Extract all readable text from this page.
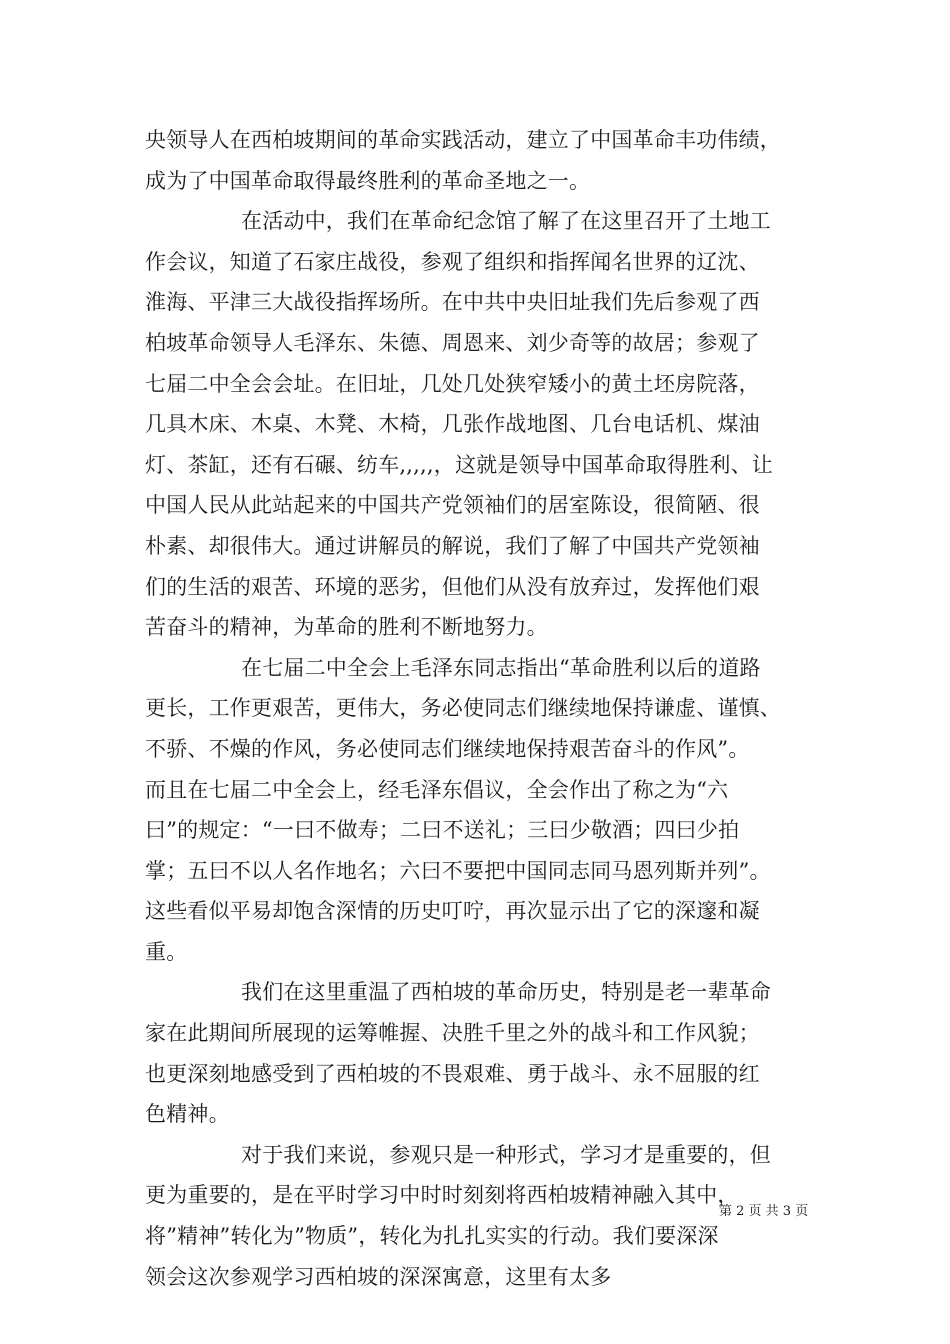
央领导人在西柏坡期间的革命实践活动，建立了中国革命丰功伟绩，
成为了中国革命取得最终胜利的革命圣地之一。
在活动中，我们在革命纪念馆了解了在这里召开了土地工
作会议，知道了石家庄战役，参观了组织和指挥闻名世界的辽沈、
淮海、平津三大战役指挥场所。在中共中央旧址我们先后参观了西
柏坡革命领导人毛泽东、朱德、周恩来、刘少奇等的故居；参观了
七届二中全会会址。在旧址，几处几处狭窄矮小的黄土坯房院落，
几具木床、木桌、木凳、木椅，几张作战地图、几台电话机、煤油
灯、茶缸，还有石碾、纺车,,,,,，这就是领导中国革命取得胜利、让
中国人民从此站起来的中国共产党领袖们的居室陈设，很简陋、很
朴素、却很伟大。通过讲解员的解说，我们了解了中国共产党领袖
们的生活的艰苦、环境的恶劣，但他们从没有放弃过，发挥他们艰
苦奋斗的精神，为革命的胜利不断地努力。
在七届二中全会上毛泽东同志指出“革命胜利以后的道路
更长，工作更艰苦，更伟大，务必使同志们继续地保持谦虚、谨慎、
不骄、不燥的作风，务必使同志们继续地保持艰苦奋斗的作风”。
而且在七届二中全会上，经毛泽东倡议，全会作出了称之为“六
曰”的规定：“一曰不做寿；二曰不送礼；三曰少敬酒；四曰少拍
掌；五曰不以人名作地名；六曰不要把中国同志同马恩列斯并列”。
这些看似平易却饱含深情的历史叮咛，再次显示出了它的深邃和凝
重。
我们在这里重温了西柏坡的革命历史，特别是老一辈革命
家在此期间所展现的运筹帷握、决胜千里之外的战斗和工作风貌；
也更深刻地感受到了西柏坡的不畏艰难、勇于战斗、永不屈服的红
色精神。
对于我们来说，参观只是一种形式，学习才是重要的，但
更为重要的，是在平时学习中时时刻刻将西柏坡精神融入其中，
将”精神”转化为”物质”，转化为扎扎实实的行动。我们要深深
领会这次参观学习西柏坡的深深寓意，这里有太多
第 2 页 共 3 页
